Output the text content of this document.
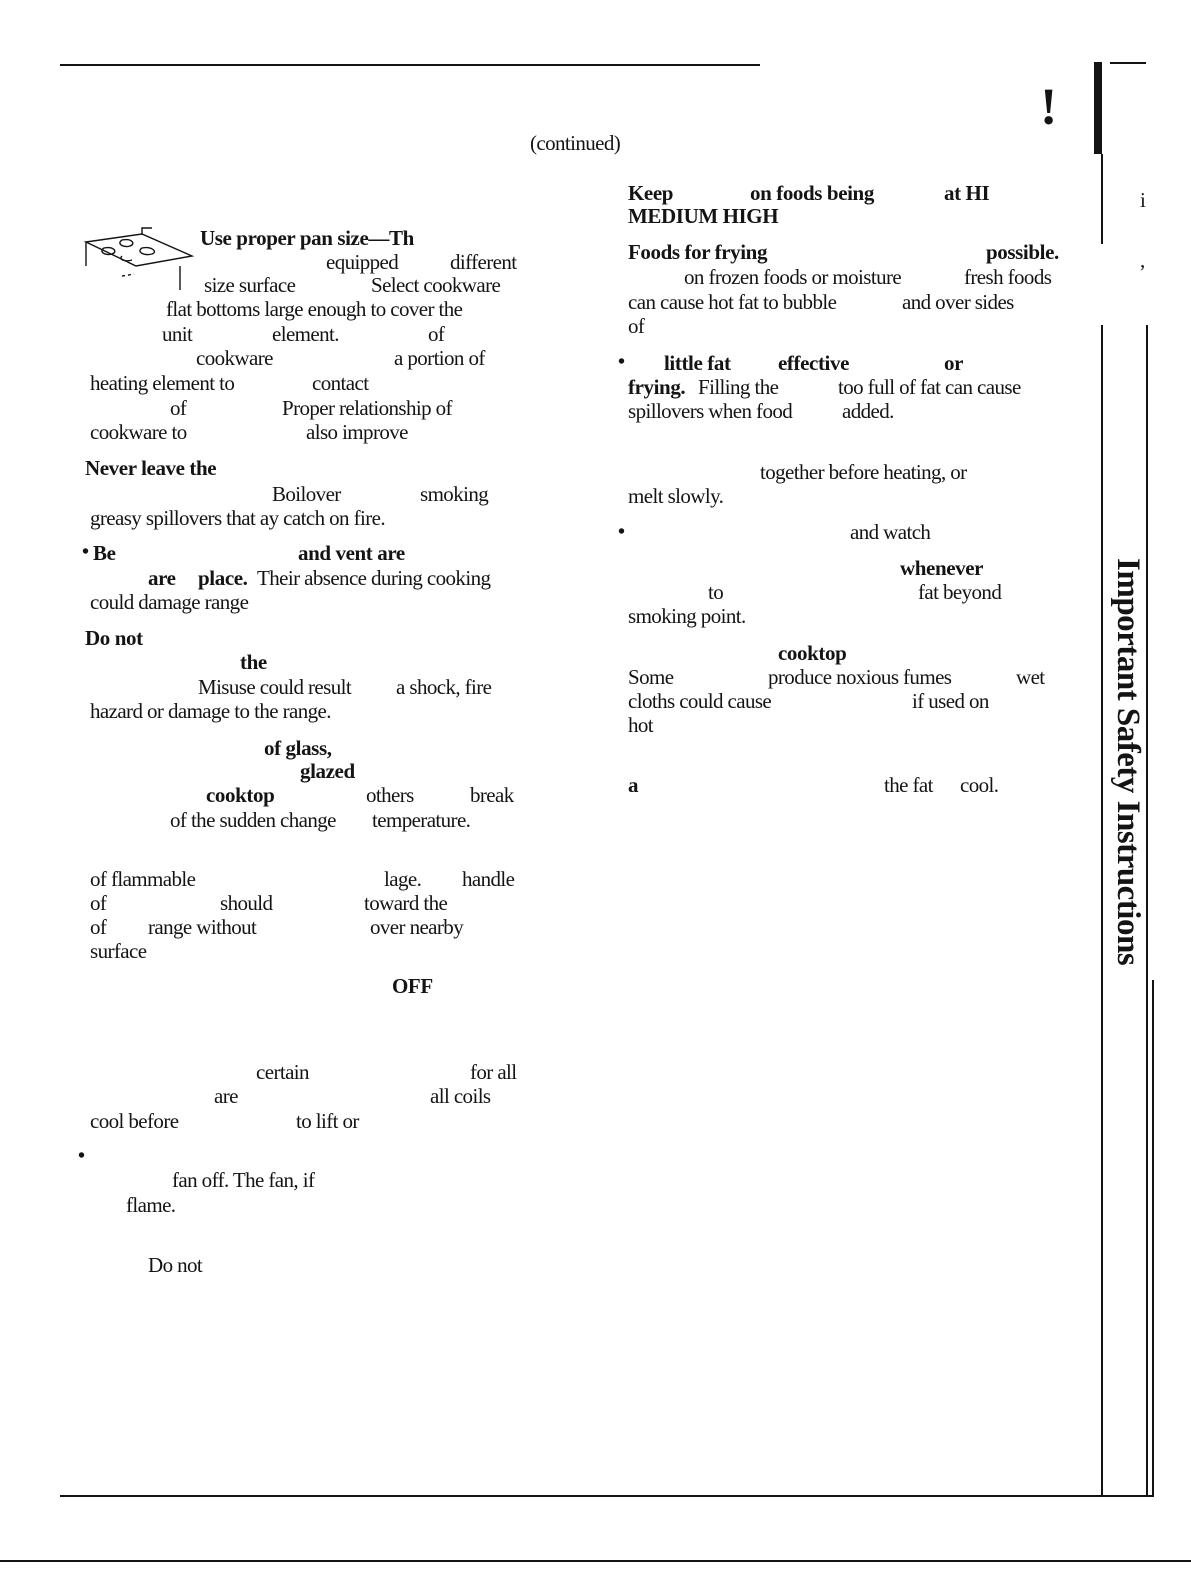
!
(continued)
i
,
Important Safety Instructions
Use proper pan size—Th
equipped different
size surface	Select cookware
flat bottoms large enough to cover the
unit	element.	of
cookware	a portion of
heating element to	contact
of	Proper relationship of
cookware to	also improve
Never leave the
Boilover	smoking
greasy spillovers that ay catch on fire.
• Be	and vent are
are place. Their absence during cooking
could damage range
Do not
the
Misuse could result a shock, fire
hazard or damage to the range.
of glass,
glazed
cooktop	others	break
of the sudden change temperature.
of flammable	lage. handle
of	should	toward the
of range without	over nearby
surface
OFF
certain	for all
are	all coils
cool before	to lift or
•
fan off. The fan, if
flame.
Do not
Keep	on foods being	at HI
MEDIUM HIGH
Foods for frying	possible.
on frozen foods or moisture	fresh foods
can cause hot fat to bubble	and over sides
of
• little fat effective	or
frying. Filling the	too full of fat can cause
spillovers when food added.
together before heating, or
melt slowly.
•	and watch
whenever
to	fat beyond
smoking point.
cooktop
Some	produce noxious fumes	wet
cloths could cause	if used on
hot
a	the fat cool.
